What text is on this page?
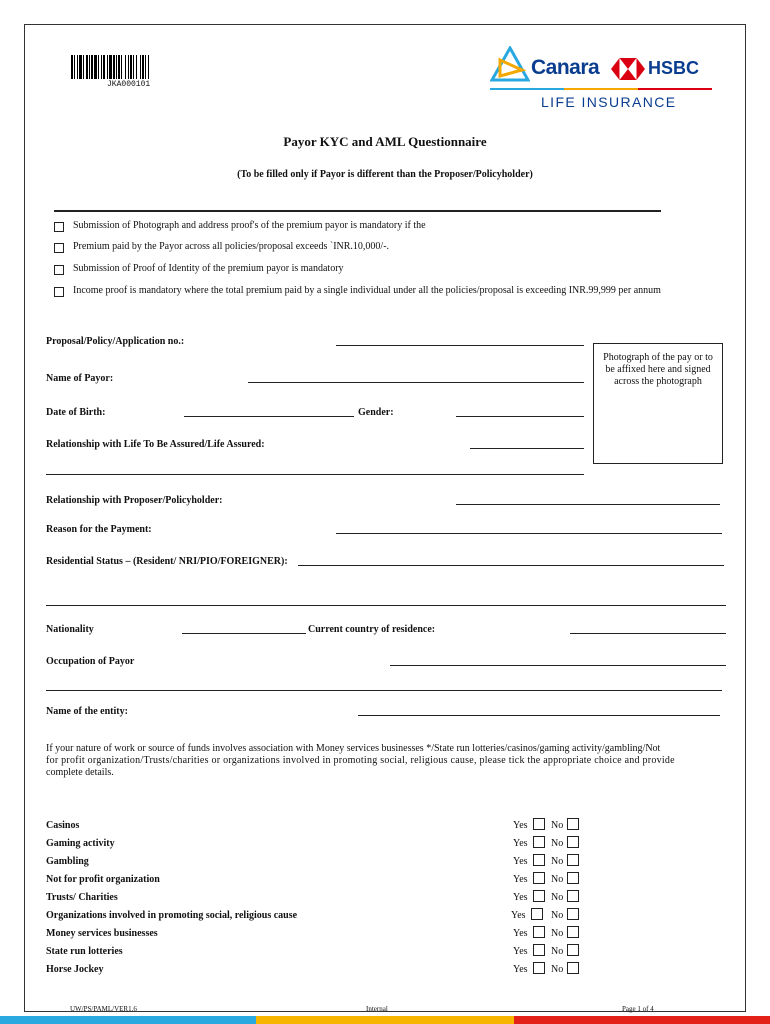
JKA000101
Canara	HSBC
LIFE INSURANCE
Payor KYC and AML Questionnaire
(To be filled only if Payor is different than the Proposer/Policyholder)
Submission of Photograph and address proof's of the premium payor is mandatory if the
Premium paid by the Payor across all policies/proposal exceeds `INR.10,000/-.
Submission of Proof of Identity of the premium payor is mandatory
Income proof is mandatory where the total premium paid by a single individual under all the policies/proposal is exceeding INR.99,999 per annum
Proposal/Policy/Application no.:

Photograph of the pay or to be affixed here and signed across the photograph

Name of Payor:
Date of Birth:	Gender:
Relationship with Life To Be Assured/Life Assured:
Relationship with Proposer/Policyholder:
Reason for the Payment:
Residential Status – (Resident/ NRI/PIO/FOREIGNER):
Nationality	Current country of residence:
Occupation of Payor
Name of the entity:
If your nature of work or source of funds involves association with Money services businesses */State run lotteries/casinos/gaming activity/gambling/Not
for profit organization/Trusts/charities or organizations involved in promoting social, religious cause, please tick the appropriate choice and provide
complete details.
Casinos	Yes No
Gaming activity	Yes No
Gambling	Yes No
Not for profit organization	Yes No
Trusts/ Charities	Yes No
Organizations involved in promoting social, religious cause	Yes	No
Money services businesses	Yes No
State run lotteries	Yes No
Horse Jockey	Yes No
UW/PS/PAML/VER1.6	Internal	Page 1 of 4
